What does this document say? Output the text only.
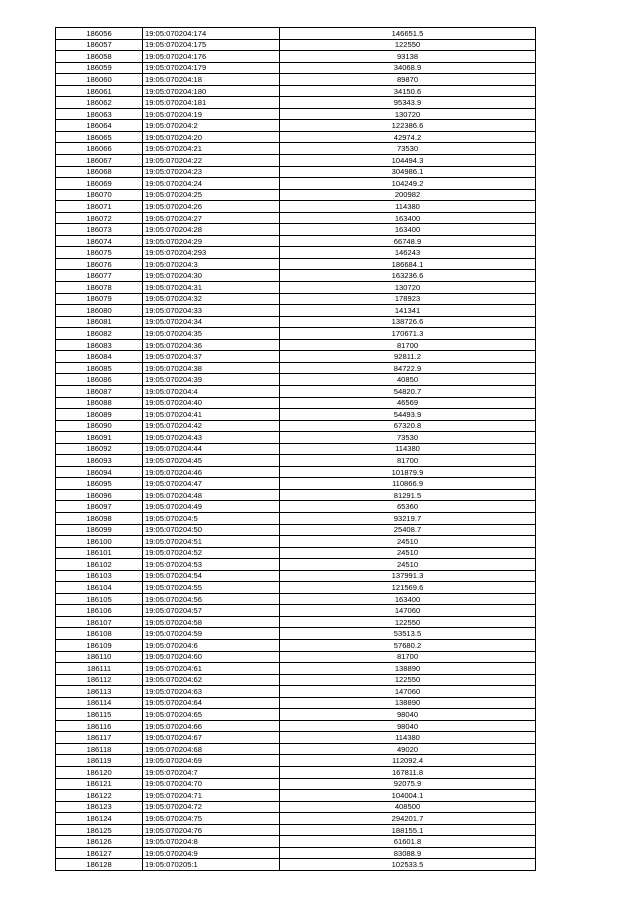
186056	19:05:070204:174	146651.5
186057	19:05:070204:175	122550
186058	19:05:070204:176	93138
186059	19:05:070204:179	34068.9
186060	19:05:070204:18	89870
186061	19:05:070204:180	34150.6
186062	19:05:070204:181	95343.9
186063	19:05:070204:19	130720
186064	19:05:070204:2	122386.6
186065	19:05:070204:20	42974.2
186066	19:05:070204:21	73530
186067	19:05:070204:22	104494.3
186068	19:05:070204:23	304986.1
186069	19:05:070204:24	104249.2
186070	19:05:070204:25	200982
186071	19:05:070204:26	114380
186072	19:05:070204:27	163400
186073	19:05:070204:28	163400
186074	19:05:070204:29	66748.9
186075	19:05:070204:293	146243
186076	19:05:070204:3	186684.1
186077	19:05:070204:30	163236.6
186078	19:05:070204:31	130720
186079	19:05:070204:32	178923
186080	19:05:070204:33	141341
186081	19:05:070204:34	138726.6
186082	19:05:070204:35	170671.3
186083	19:05:070204:36	81700
186084	19:05:070204:37	92811.2
186085	19:05:070204:38	84722.9
186086	19:05:070204:39	40850
186087	19:05:070204:4	54820.7
186088	19:05:070204:40	46569
186089	19:05:070204:41	54493.9
186090	19:05:070204:42	67320.8
186091	19:05:070204:43	73530
186092	19:05:070204:44	114380
186093	19:05:070204:45	81700
186094	19:05:070204:46	101879.9
186095	19:05:070204:47	110866.9
186096	19:05:070204:48	81291.5
186097	19:05:070204:49	65360
186098	19:05:070204:5	93219.7
186099	19:05:070204:50	25408.7
186100	19:05:070204:51	24510
186101	19:05:070204:52	24510
186102	19:05:070204:53	24510
186103	19:05:070204:54	137991.3
186104	19:05:070204:55	121569.6
186105	19:05:070204:56	163400
186106	19:05:070204:57	147060
186107	19:05:070204:58	122550
186108	19:05:070204:59	53513.5
186109	19:05:070204:6	57680.2
186110	19:05:070204:60	81700
186111	19:05:070204:61	138890
186112	19:05:070204:62	122550
186113	19:05:070204:63	147060
186114	19:05:070204:64	138890
186115	19:05:070204:65	98040
186116	19:05:070204:66	98040
186117	19:05:070204:67	114380
186118	19:05:070204:68	49020
186119	19:05:070204:69	112092.4
186120	19:05:070204:7	167811.8
186121	19:05:070204:70	92075.9
186122	19:05:070204:71	104004.1
186123	19:05:070204:72	408500
186124	19:05:070204:75	294201.7
186125	19:05:070204:76	188155.1
186126	19:05:070204:8	61601.8
186127	19:05:070204:9	83088.9
186128	19:05:070205:1	102533.5
